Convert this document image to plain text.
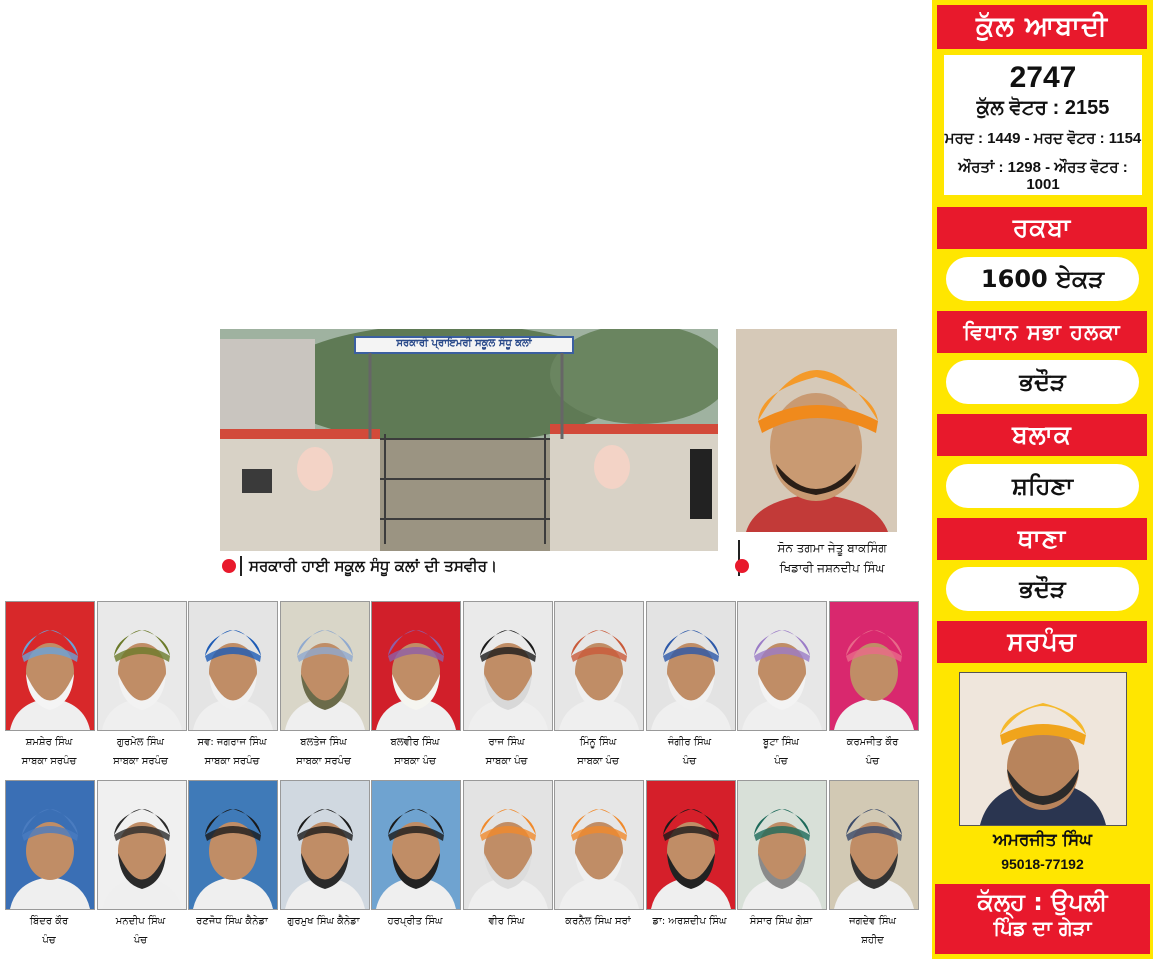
ਕੁੱਲ ਆਬਾਦੀ
2747
ਕੁੱਲ ਵੋਟਰ : 2155
ਮਰਦ : 1449 - ਮਰਦ ਵੋਟਰ : 1154
ਔਰਤਾਂ : 1298 - ਔਰਤ ਵੋਟਰ : 1001
ਰਕਬਾ
1600 ਏਕੜ
ਵਿਧਾਨ ਸਭਾ ਹਲਕਾ
ਭਦੌੜ
ਬਲਾਕ
ਸ਼ਹਿਣਾ
ਥਾਣਾ
ਭਦੌੜ
ਸਰਪੰਚ
ਅਮਰਜੀਤ ਸਿੰਘ
95018-77192
ਕੱਲ੍ਹ : ਉਪਲੀ
ਪਿੰਡ ਦਾ ਗੇੜਾ
ਸਰਕਾਰੀ ਪ੍ਰਾਇਮਰੀ ਸਕੂਲ ਸੰਧੂ ਕਲਾਂ
ਸਰਕਾਰੀ ਹਾਈ ਸਕੂਲ ਸੰਧੂ ਕਲਾਂ ਦੀ ਤਸਵੀਰ।
ਸੋਨ ਤਗਮਾ ਜੇਤੂ ਬਾਕਸਿੰਗ
ਖਿਡਾਰੀ ਜਸ਼ਨਦੀਪ ਸਿੰਘ
ਸ਼ਮਸ਼ੇਰ ਸਿੰਘ
ਸਾਬਕਾ ਸਰਪੰਚ
ਗੁਰਮੇਲ ਸਿੰਘ
ਸਾਬਕਾ ਸਰਪੰਚ
ਸਵ: ਜਗਰਾਜ ਸਿੰਘ
ਸਾਬਕਾ ਸਰਪੰਚ
ਬਲਤੇਜ ਸਿੰਘ
ਸਾਬਕਾ ਸਰਪੰਚ
ਬਲਵੀਰ ਸਿੰਘ
ਸਾਬਕਾ ਪੰਚ
ਰਾਜ ਸਿੰਘ
ਸਾਬਕਾ ਪੰਚ
ਮਿੰਨੂ ਸਿੰਘ
ਸਾਬਕਾ ਪੰਚ
ਜੰਗੀਰ ਸਿੰਘ
ਪੰਚ
ਬੂਟਾ ਸਿੰਘ
ਪੰਚ
ਕਰਮਜੀਤ ਕੌਰ
ਪੰਚ
ਬਿੰਦਰ ਕੌਰ
ਪੰਚ
ਮਨਦੀਪ ਸਿੰਘ
ਪੰਚ
ਰਣਜੋਧ ਸਿੰਘ ਕੈਨੇਡਾ	ਗੁਰਮੁਖ ਸਿੰਘ ਕੈਨੇਡਾ	ਹਰਪ੍ਰੀਤ ਸਿੰਘ	ਵੀਰ ਸਿੰਘ	ਕਰਨੈਲ ਸਿੰਘ ਸਰਾਂ	ਡਾ: ਅਰਸ਼ਦੀਪ ਸਿੰਘ	ਸੰਸਾਰ ਸਿੰਘ ਗੇਸ਼ਾ	ਜਗਦੇਵ ਸਿੰਘ
ਸ਼ਹੀਦ
